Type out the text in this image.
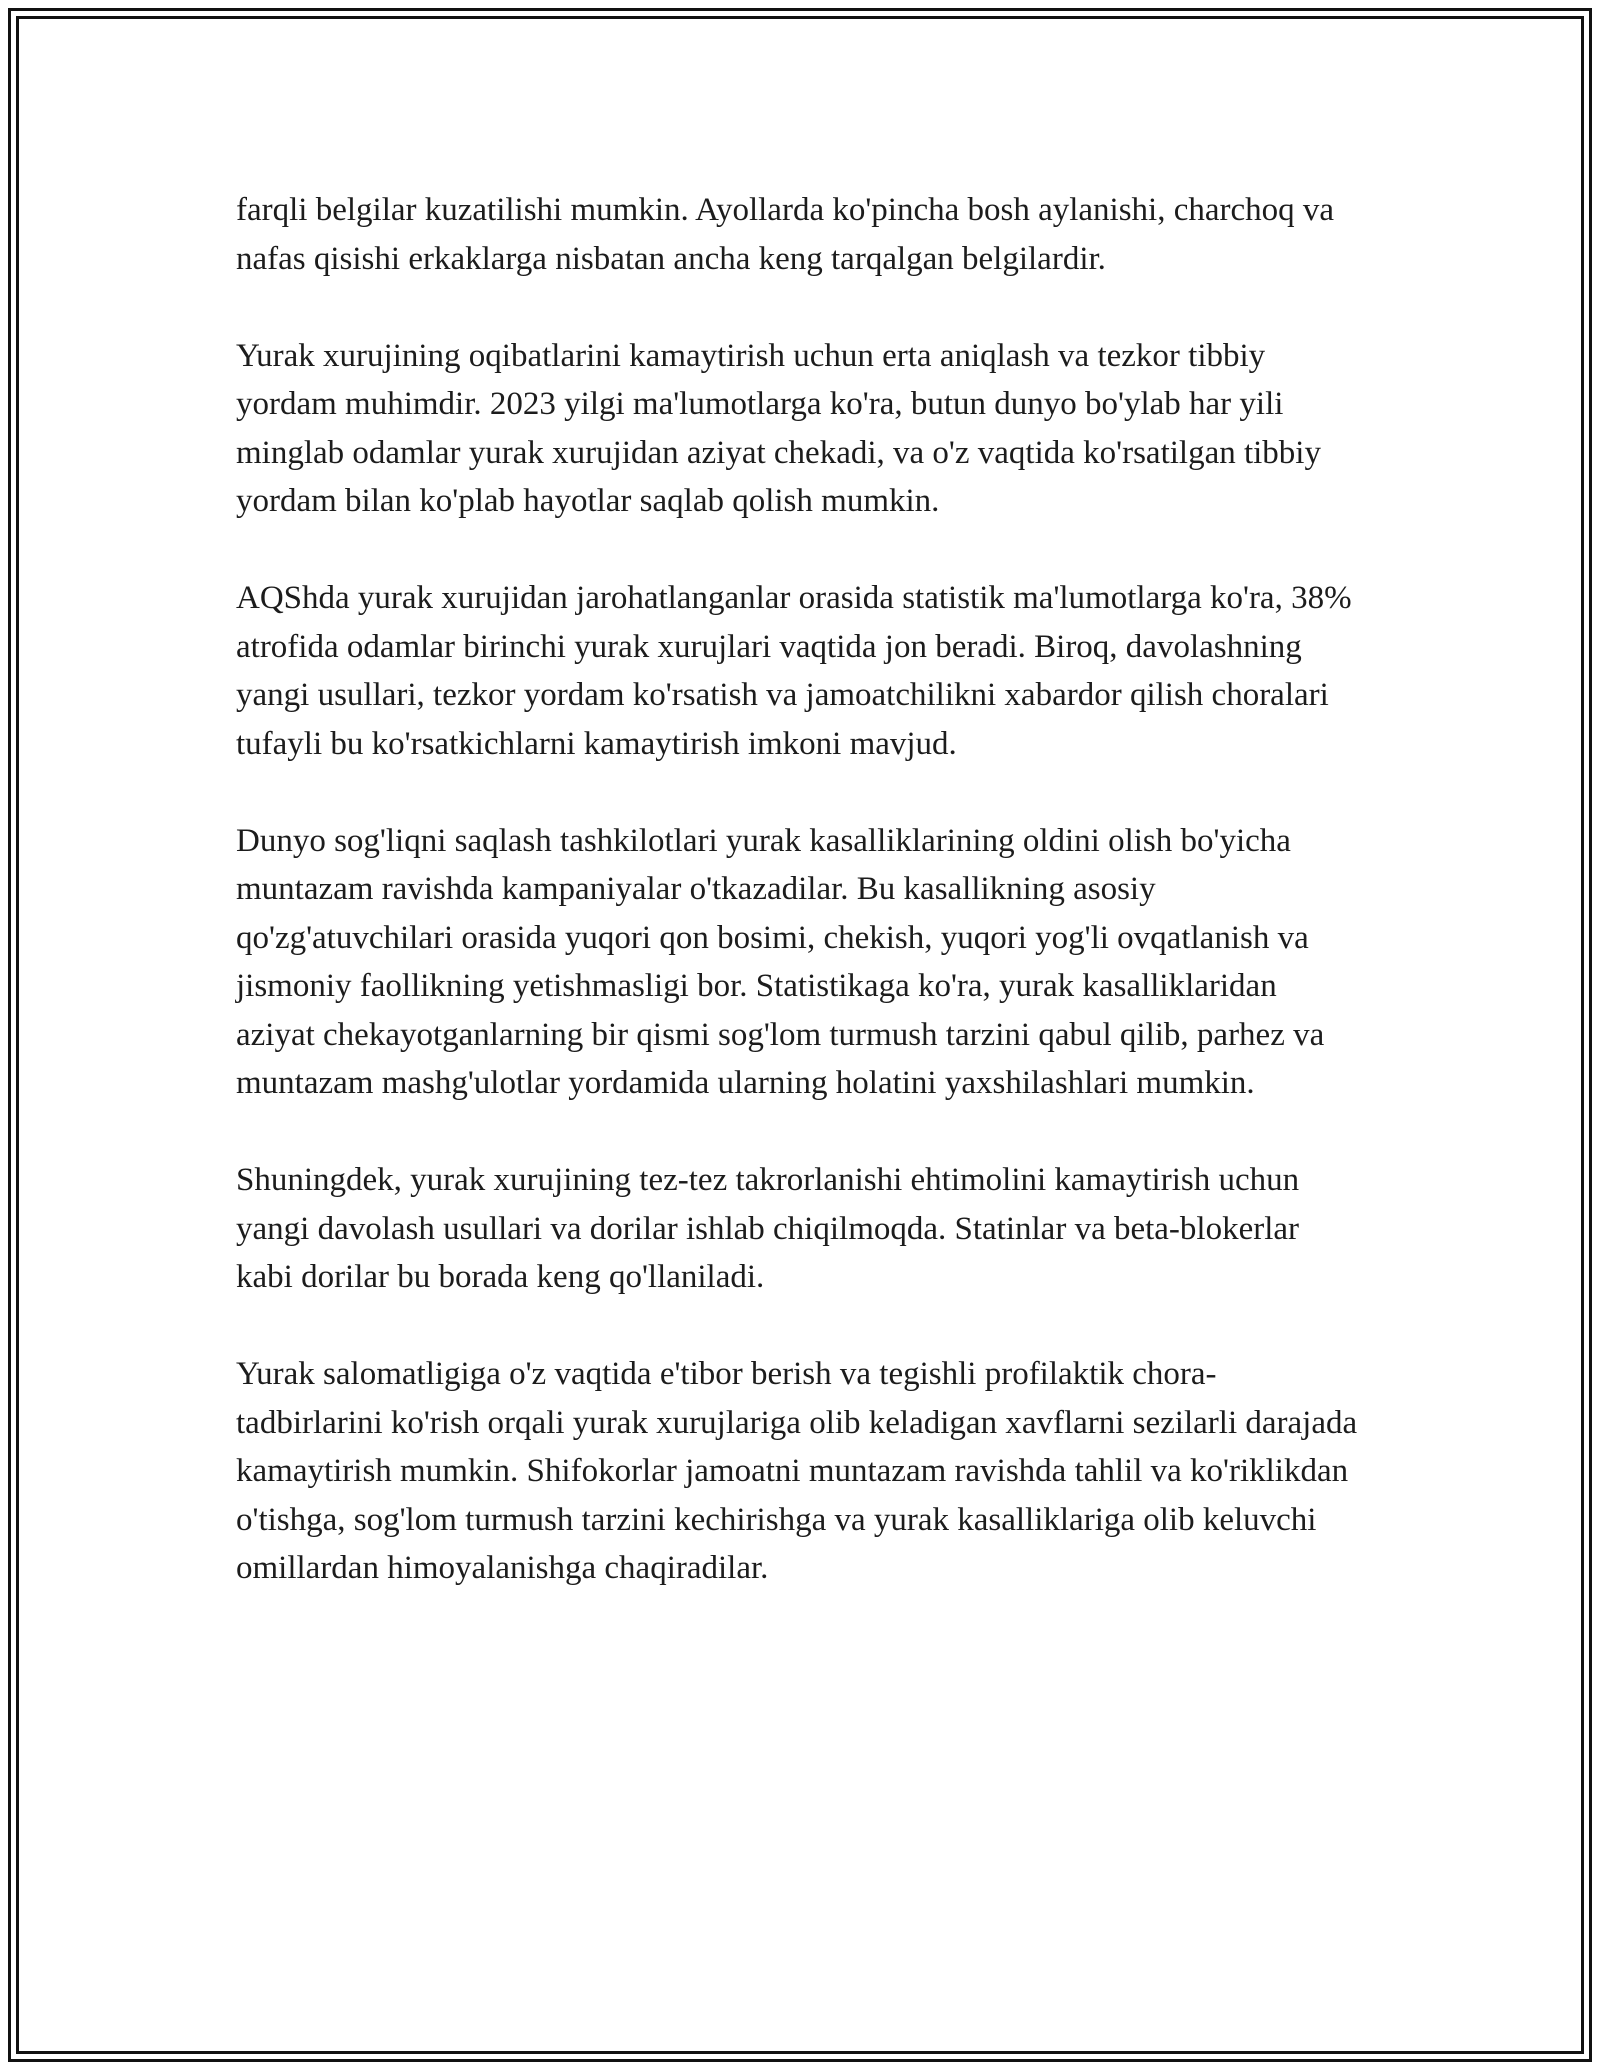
farqli belgilar kuzatilishi mumkin. Ayollarda ko'pincha bosh aylanishi, charchoq va nafas qisishi erkaklarga nisbatan ancha keng tarqalgan belgilardir.

Yurak xurujining oqibatlarini kamaytirish uchun erta aniqlash va tezkor tibbiy yordam muhimdir. 2023 yilgi ma'lumotlarga ko'ra, butun dunyo bo'ylab har yili minglab odamlar yurak xurujidan aziyat chekadi, va o'z vaqtida ko'rsatilgan tibbiy yordam bilan ko'plab hayotlar saqlab qolish mumkin.

AQShda yurak xurujidan jarohatlanganlar orasida statistik ma'lumotlarga ko'ra, 38% atrofida odamlar birinchi yurak xurujlari vaqtida jon beradi. Biroq, davolashning yangi usullari, tezkor yordam ko'rsatish va jamoatchilikni xabardor qilish choralari tufayli bu ko'rsatkichlarni kamaytirish imkoni mavjud.

Dunyo sog'liqni saqlash tashkilotlari yurak kasalliklarining oldini olish bo'yicha muntazam ravishda kampaniyalar o'tkazadilar. Bu kasallikning asosiy qo'zg'atuvchilari orasida yuqori qon bosimi, chekish, yuqori yog'li ovqatlanish va jismoniy faollikning yetishmasligi bor. Statistikaga ko'ra, yurak kasalliklaridan aziyat chekayotganlarning bir qismi sog'lom turmush tarzini qabul qilib, parhez va muntazam mashg'ulotlar yordamida ularning holatini yaxshilashlari mumkin.

Shuningdek, yurak xurujining tez-tez takrorlanishi ehtimolini kamaytirish uchun yangi davolash usullari va dorilar ishlab chiqilmoqda. Statinlar va beta-blokerlar kabi dorilar bu borada keng qo'llaniladi.

Yurak salomatligiga o'z vaqtida e'tibor berish va tegishli profilaktik chora-tadbirlarini ko'rish orqali yurak xurujlariga olib keladigan xavflarni sezilarli darajada kamaytirish mumkin. Shifokorlar jamoatni muntazam ravishda tahlil va ko'riklikdan o'tishga, sog'lom turmush tarzini kechirishga va yurak kasalliklariga olib keluvchi omillardan himoyalanishga chaqiradilar.
